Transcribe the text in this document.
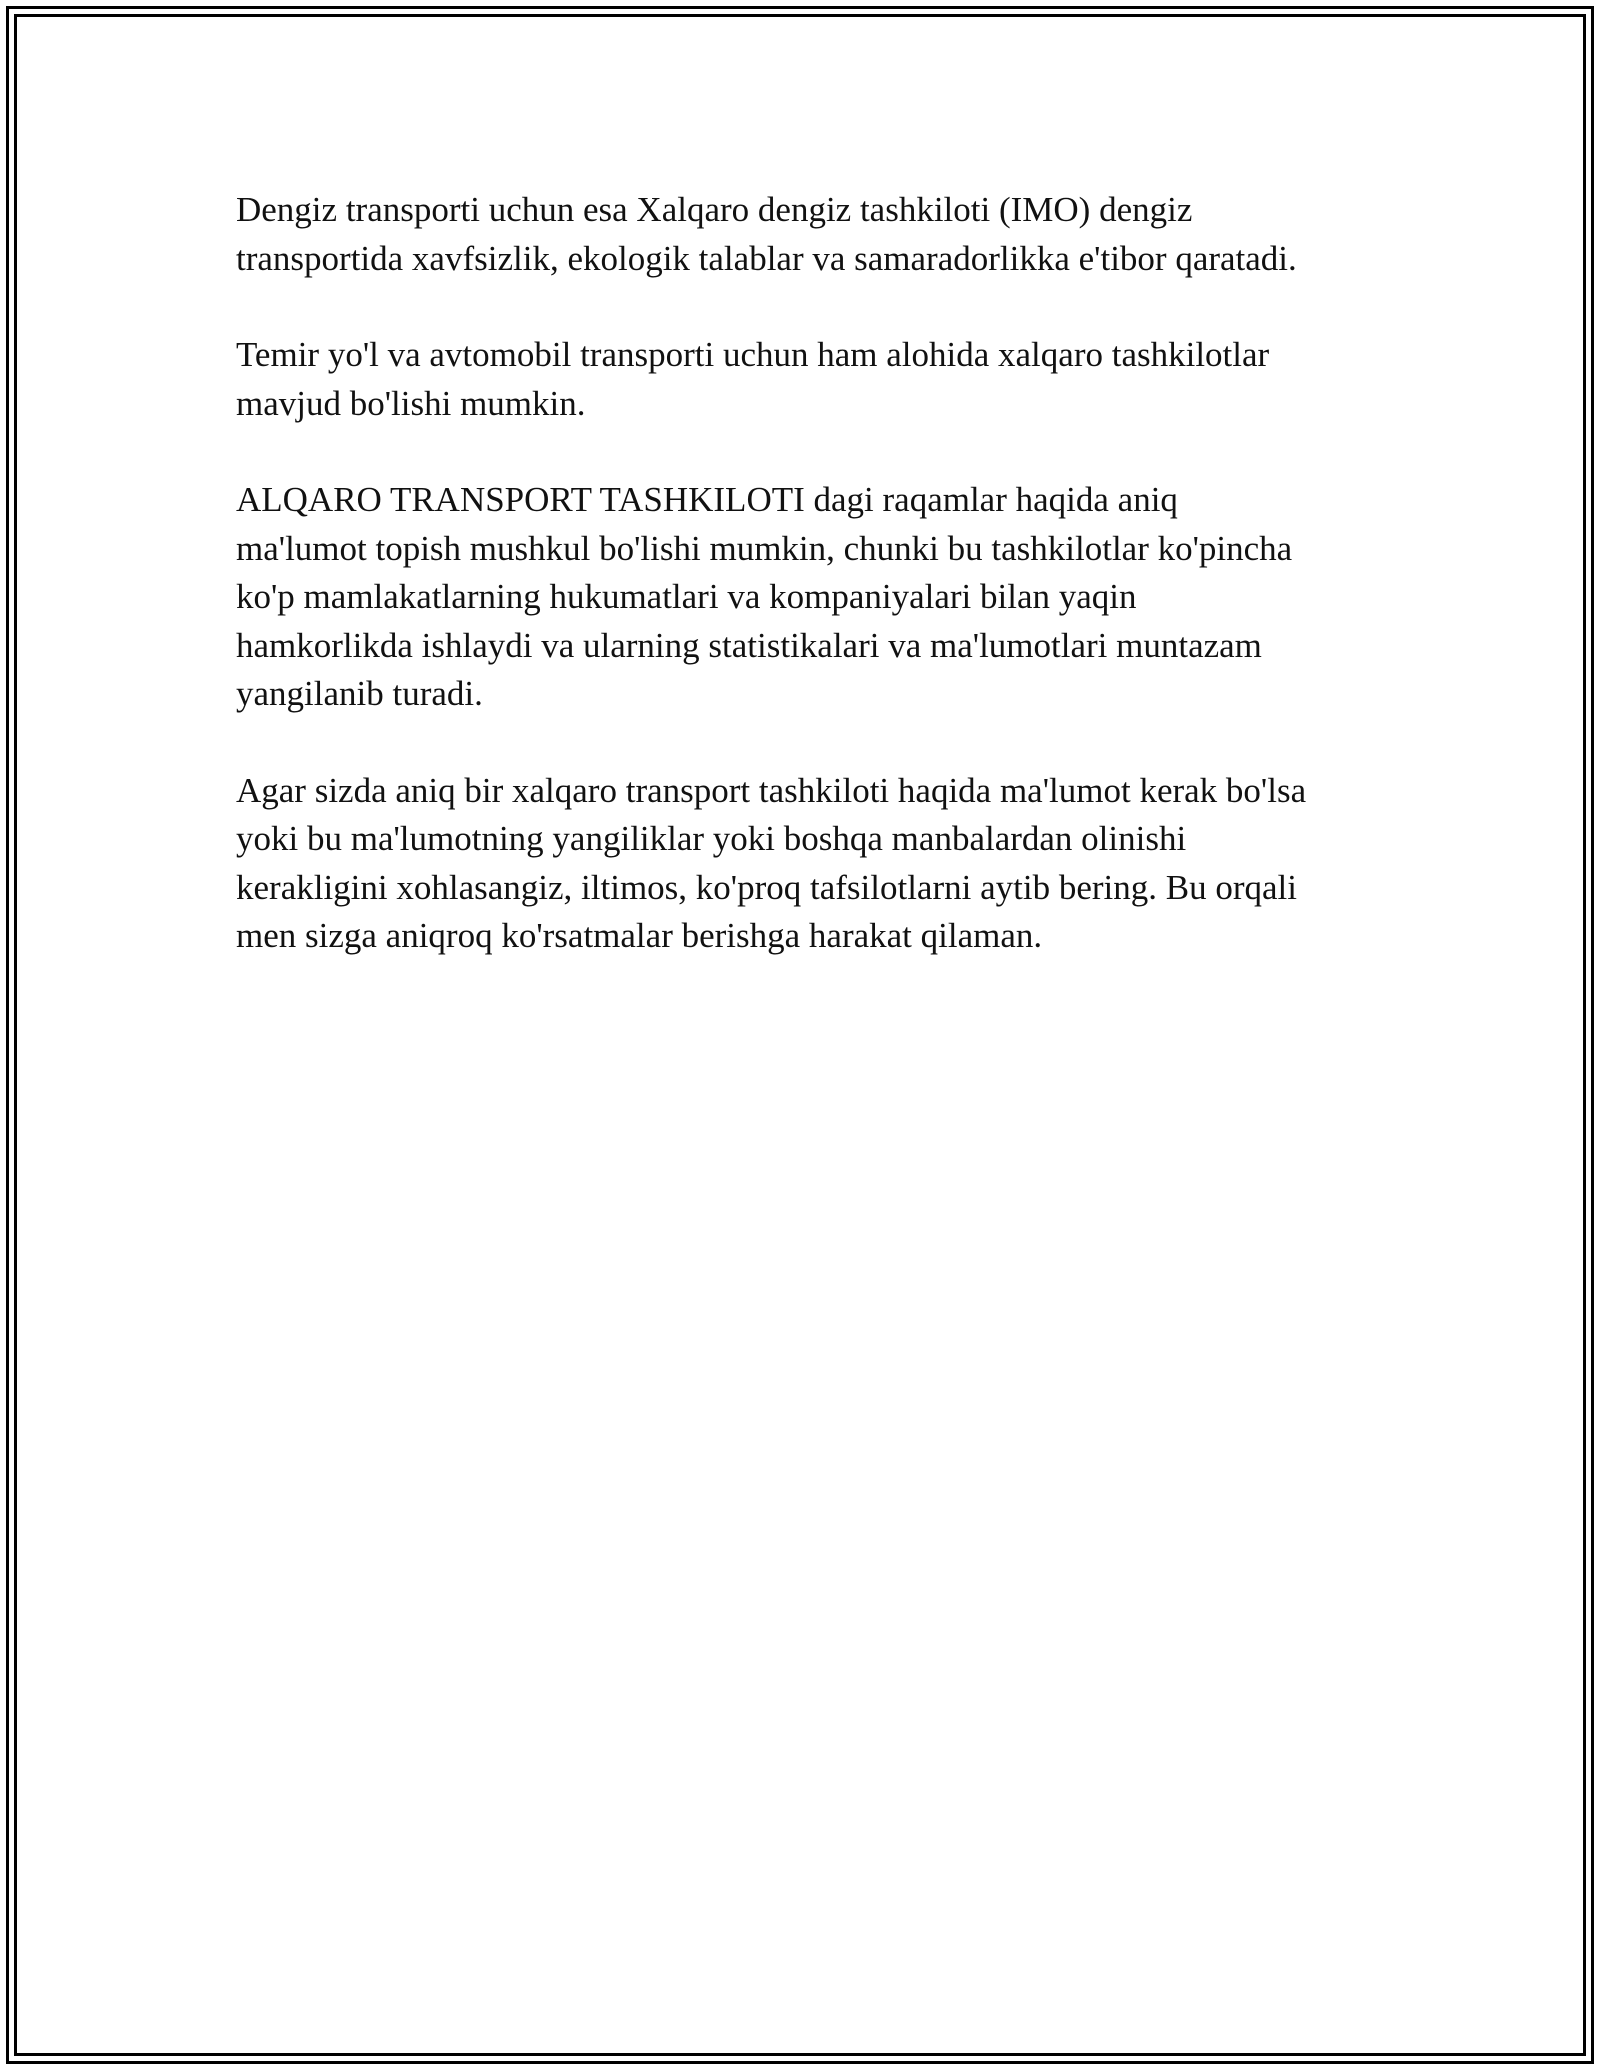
Dengiz transporti uchun esa Xalqaro dengiz tashkiloti (IMO) dengiz
transportida xavfsizlik, ekologik talablar va samaradorlikka e'tibor qaratadi.

Temir yo'l va avtomobil transporti uchun ham alohida xalqaro tashkilotlar
mavjud bo'lishi mumkin.

ALQARO TRANSPORT TASHKILOTI dagi raqamlar haqida aniq
ma'lumot topish mushkul bo'lishi mumkin, chunki bu tashkilotlar ko'pincha
ko'p mamlakatlarning hukumatlari va kompaniyalari bilan yaqin
hamkorlikda ishlaydi va ularning statistikalari va ma'lumotlari muntazam
yangilanib turadi.

Agar sizda aniq bir xalqaro transport tashkiloti haqida ma'lumot kerak bo'lsa
yoki bu ma'lumotning yangiliklar yoki boshqa manbalardan olinishi
kerakligini xohlasangiz, iltimos, ko'proq tafsilotlarni aytib bering. Bu orqali
men sizga aniqroq ko'rsatmalar berishga harakat qilaman.
